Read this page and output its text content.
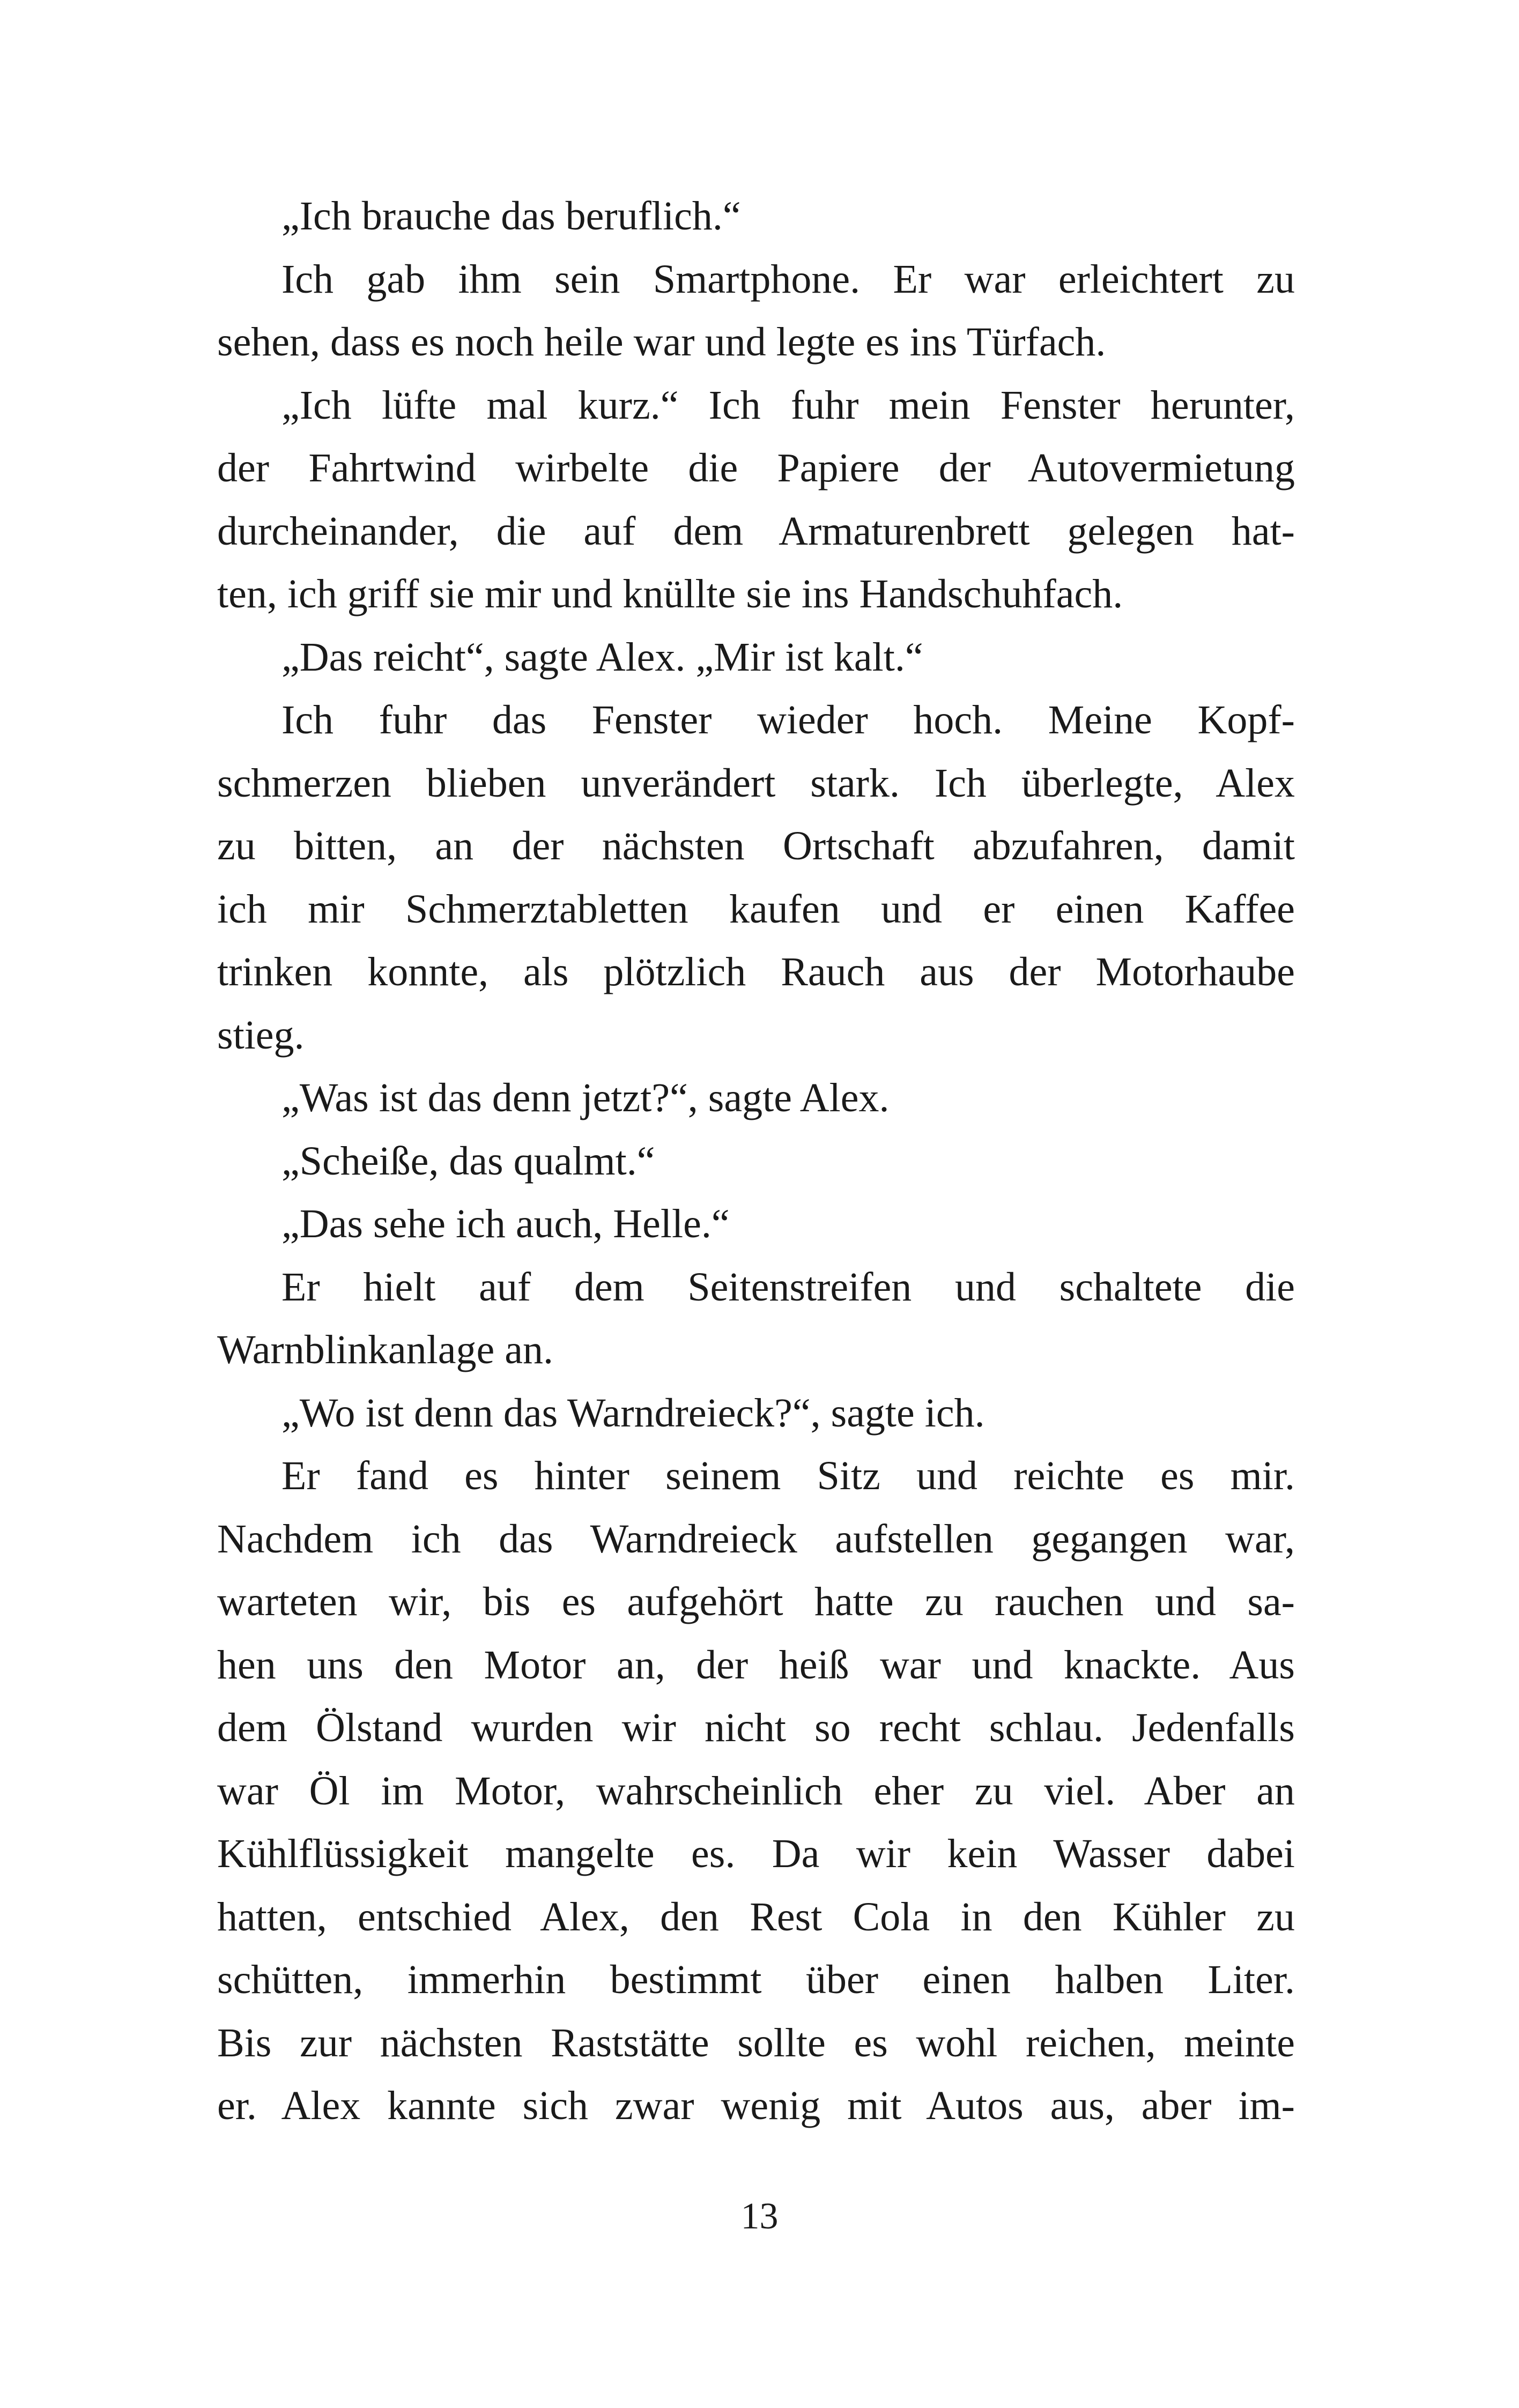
„Ich brauche das beruflich.“
Ich gab ihm sein Smartphone. Er war erleichtert zu
sehen, dass es noch heile war und legte es ins Türfach.
„Ich lüfte mal kurz.“ Ich fuhr mein Fenster herunter,
der Fahrtwind wirbelte die Papiere der Autovermietung
durcheinander, die auf dem Armaturenbrett gelegen hat-
ten, ich griff sie mir und knüllte sie ins Handschuhfach.
„Das reicht“, sagte Alex. „Mir ist kalt.“
Ich fuhr das Fenster wieder hoch. Meine Kopf-
schmerzen blieben unverändert stark. Ich überlegte, Alex
zu bitten, an der nächsten Ortschaft abzufahren, damit
ich mir Schmerztabletten kaufen und er einen Kaffee
trinken konnte, als plötzlich Rauch aus der Motorhaube
stieg.
„Was ist das denn jetzt?“, sagte Alex.
„Scheiße, das qualmt.“
„Das sehe ich auch, Helle.“
Er hielt auf dem Seitenstreifen und schaltete die
Warnblinkanlage an.
„Wo ist denn das Warndreieck?“, sagte ich.
Er fand es hinter seinem Sitz und reichte es mir.
Nachdem ich das Warndreieck aufstellen gegangen war,
warteten wir, bis es aufgehört hatte zu rauchen und sa-
hen uns den Motor an, der heiß war und knackte. Aus
dem Ölstand wurden wir nicht so recht schlau. Jedenfalls
war Öl im Motor, wahrscheinlich eher zu viel. Aber an
Kühlflüssigkeit mangelte es. Da wir kein Wasser dabei
hatten, entschied Alex, den Rest Cola in den Kühler zu
schütten, immerhin bestimmt über einen halben Liter.
Bis zur nächsten Raststätte sollte es wohl reichen, meinte
er. Alex kannte sich zwar wenig mit Autos aus, aber im-
13
